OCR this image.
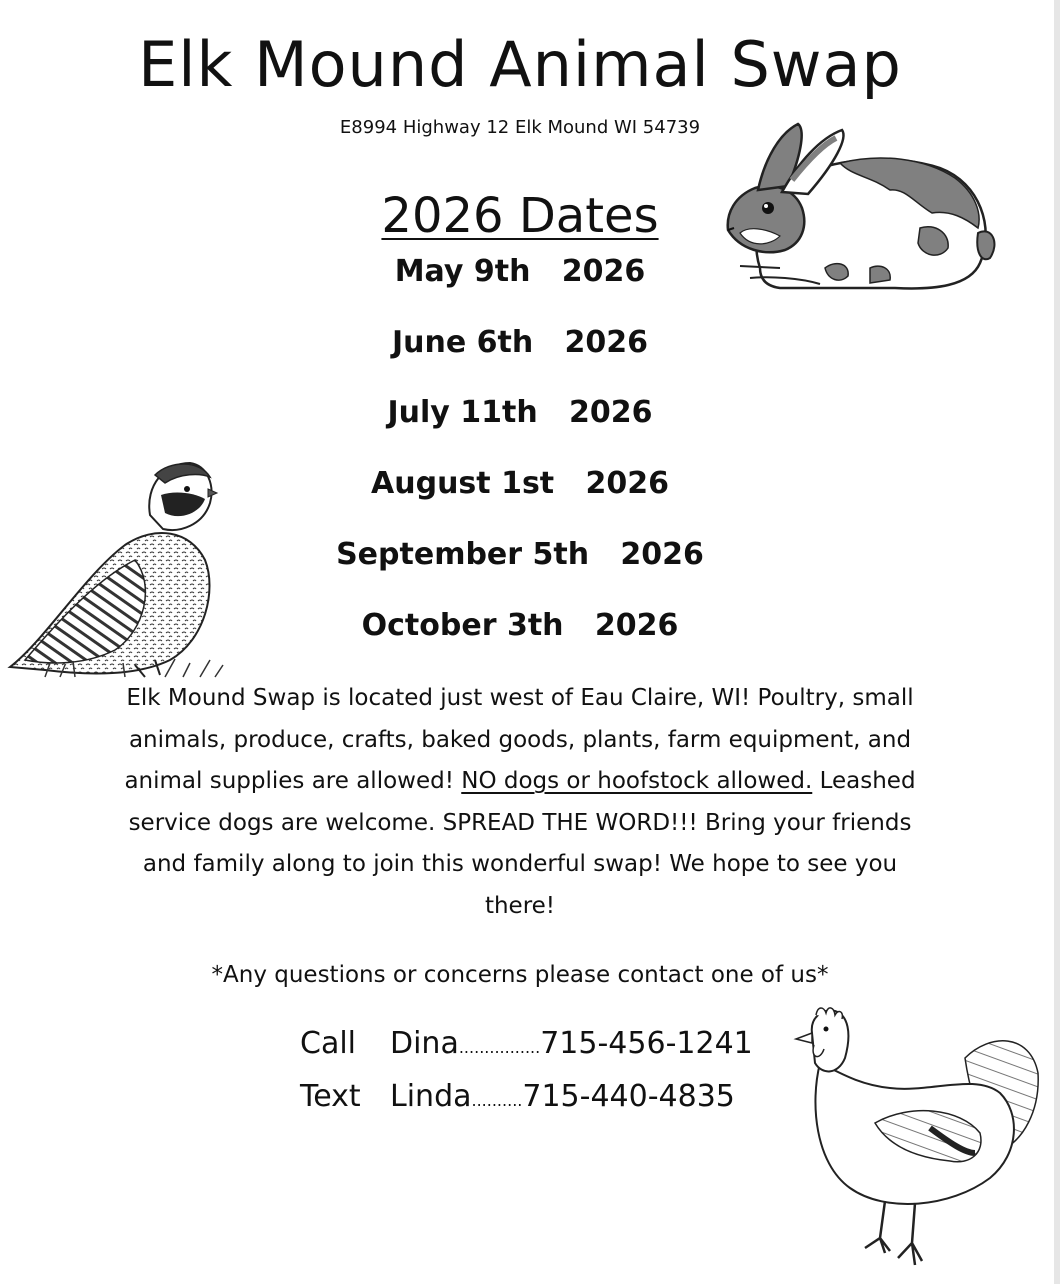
Elk Mound Animal Swap
E8994 Highway 12 Elk Mound WI 54739
2026 Dates
May 9th   2026
June 6th   2026
July 11th   2026
August 1st   2026
September 5th   2026
October 3th   2026
Elk Mound Swap is located just west of Eau Claire, WI! Poultry, small animals, produce, crafts, baked goods, plants, farm equipment, and animal supplies are allowed! NO dogs or hoofstock allowed. Leashed service dogs are welcome. SPREAD THE WORD!!! Bring your friends and family along to join this wonderful swap! We hope to see you there!
*Any questions or concerns please contact one of us*
Call Dina................715-456-1241
Text Linda..........715-440-4835
